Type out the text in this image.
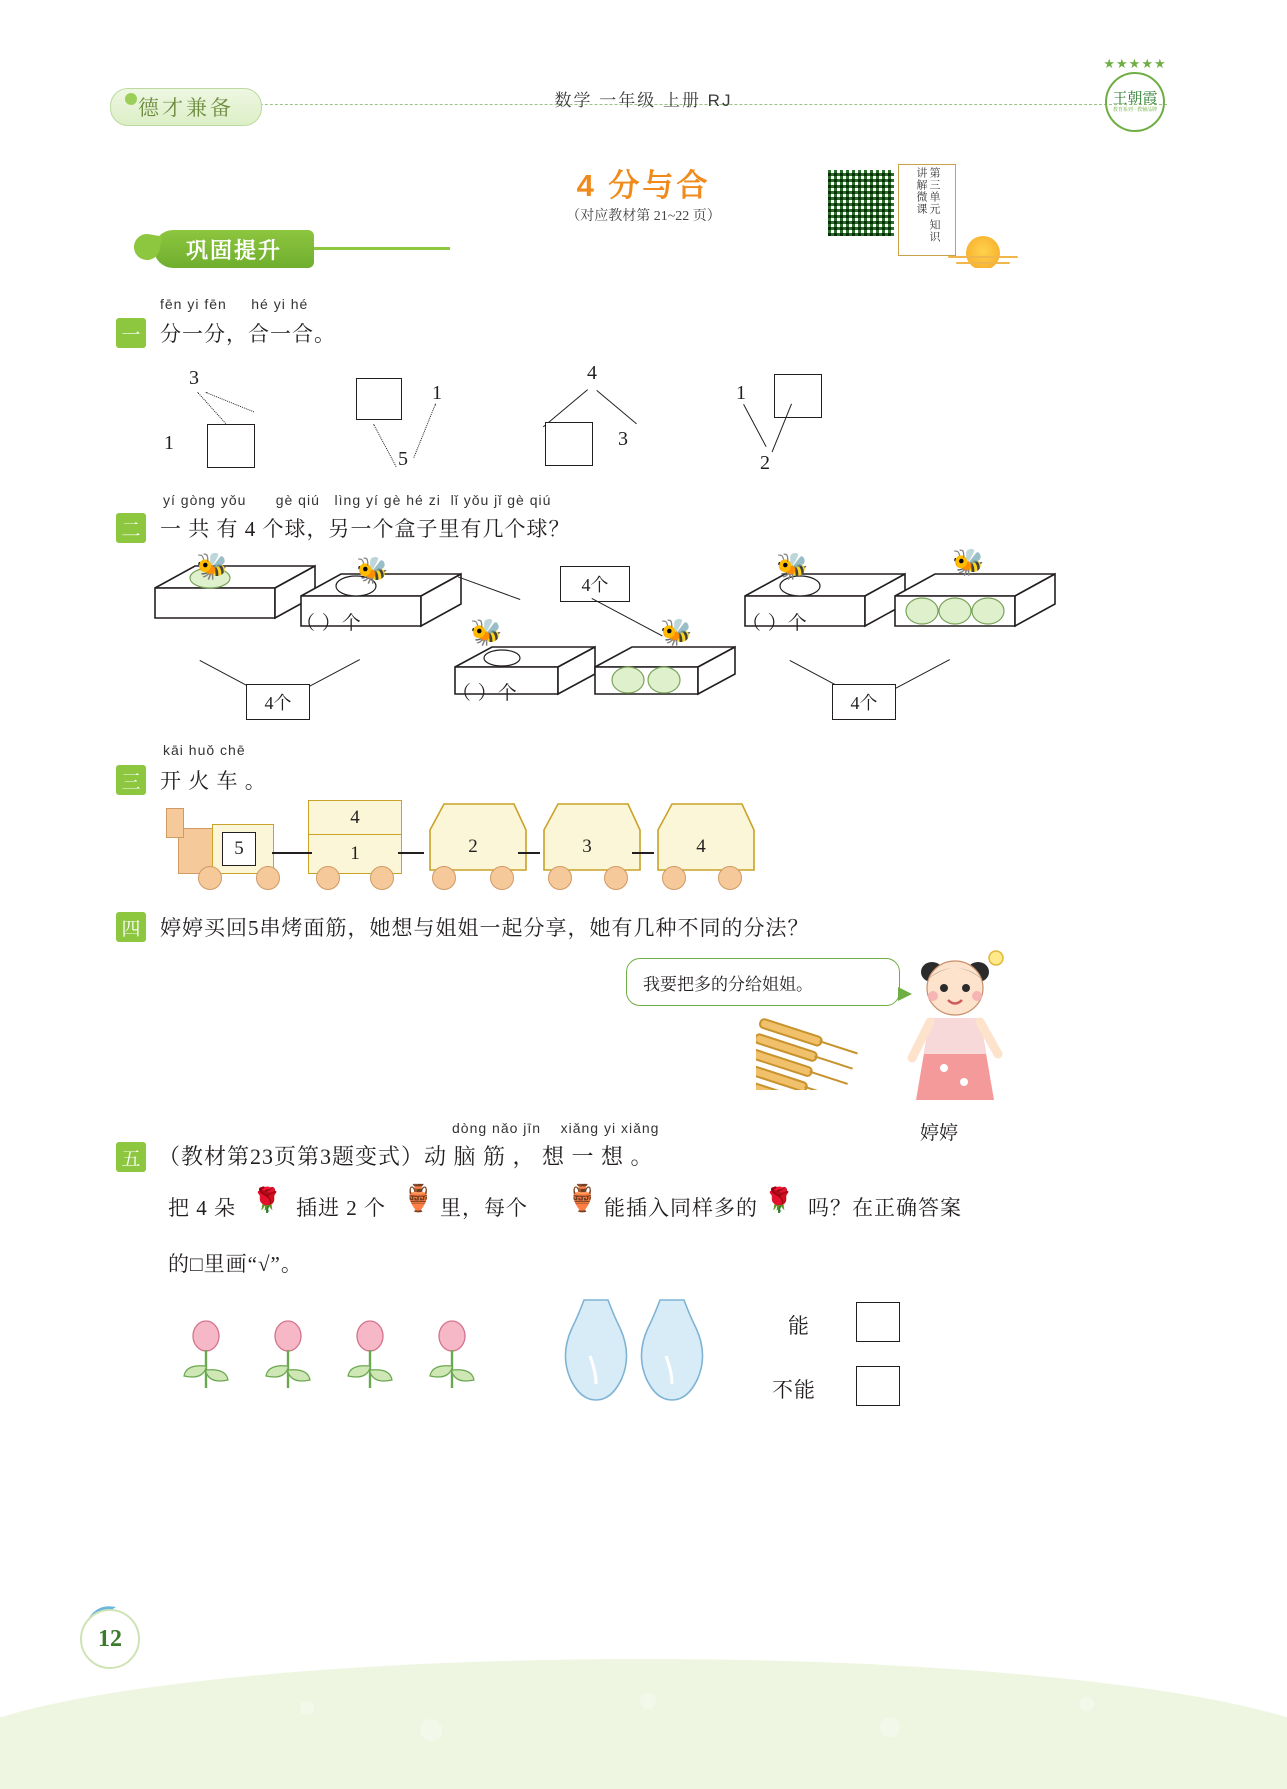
数学 一年级 上册 RJ
德才兼备
★★★★★
王朝霞
教育系列 · 教辅品牌
4 分与合
（对应教材第 21~22 页）	第三单元 知识讲解微课
巩固提升
一
fēn yi fēn     hé yi hé
分一分，合一合。
3
1
1
5
4
3
1
2
二
yí gòng yǒu      gè qiú   lìng yí gè hé zi  lǐ yǒu jǐ gè qiú
一 共 有 4 个球，另一个盒子里有几个球？
（ ）个
🐝	🐝
4个
4个
（ ）个
🐝	🐝	（ ）个
🐝	🐝
4个
三
kāi huǒ chē
开 火 车 。
5
4
1	2	3	4
四 婷婷买回5串烤面筋，她想与姐姐一起分享，她有几种不同的分法？
我要把多的分给姐姐。
婷婷
五
dòng nǎo jīn    xiǎng yi xiǎng
（教材第23页第3题变式）动 脑 筋 ， 想 一 想 。
把 4 朵 🌹 插进 2 个 🏺 里，每个 🏺 能插入同样多的 🌹 吗？在正确答案
的□里画“√”。
能
不能
12
